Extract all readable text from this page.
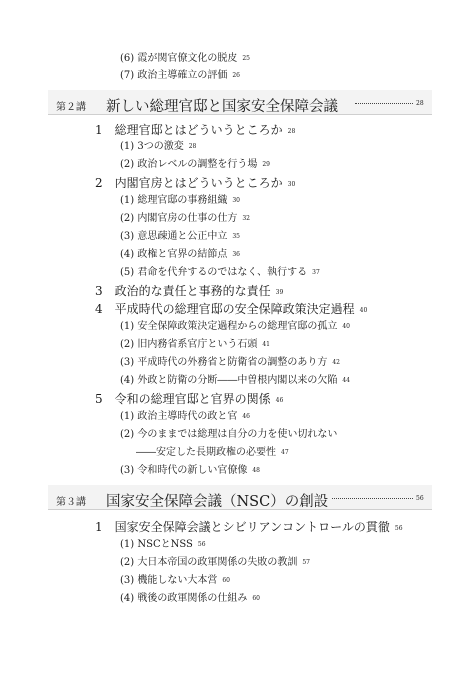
(6) 霞が関官僚文化の脱皮 25
(7) 政治主導確立の評価 26
第２講 新しい総理官邸と国家安全保障会議	28
1　総理官邸とはどういうところか 28
(1) 3つの激変 28
(2) 政治レベルの調整を行う場 29
2　内閣官房とはどういうところか 30
(1) 総理官邸の事務組織 30
(2) 内閣官房の仕事の仕方 32
(3) 意思疎通と公正中立 35
(4) 政権と官界の結節点 36
(5) 君命を代弁するのではなく、執行する 37
3　政治的な責任と事務的な責任 39
4　平成時代の総理官邸の安全保障政策決定過程 40
(1) 安全保障政策決定過程からの総理官邸の孤立 40
(2) 旧内務省系官庁という石頭 41
(3) 平成時代の外務省と防衛省の調整のあり方 42
(4) 外政と防衛の分断――中曽根内閣以来の欠陥 44
5　令和の総理官邸と官界の関係 46
(1) 政治主導時代の政と官 46
(2) 今のままでは総理は自分の力を使い切れない
――安定した長期政権の必要性 47
(3) 令和時代の新しい官僚像 48
第３講 国家安全保障会議（NSC）の創設	56
1　国家安全保障会議とシビリアンコントロールの貫徹 56
(1) NSCとNSS 56
(2) 大日本帝国の政軍関係の失敗の教訓 57
(3) 機能しない大本営 60
(4) 戦後の政軍関係の仕組み 60
